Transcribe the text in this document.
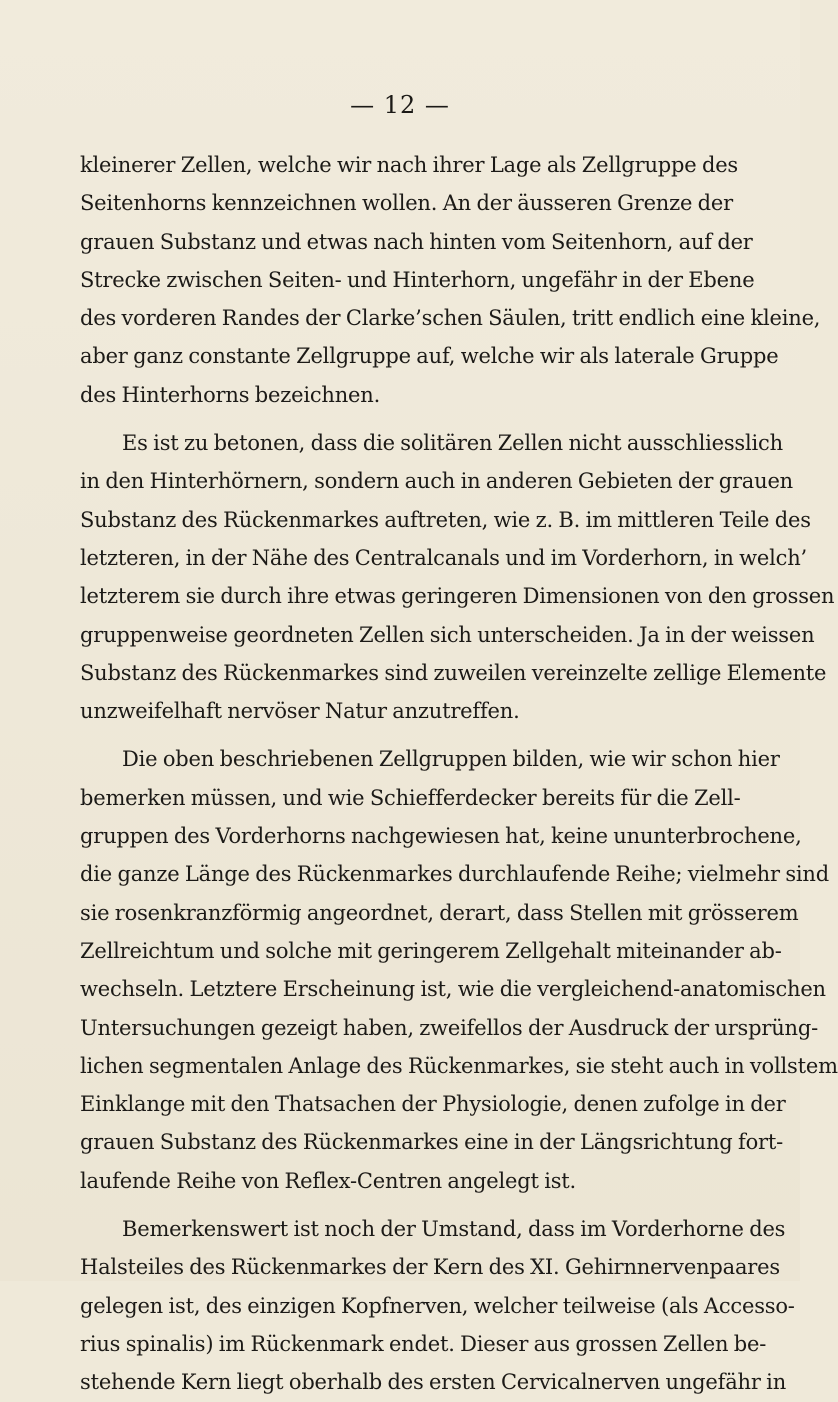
— 12 —
kleinerer Zellen, welche wir nach ihrer Lage als Zellgruppe des
Seitenhorns kennzeichnen wollen. An der äusseren Grenze der
grauen Substanz und etwas nach hinten vom Seitenhorn, auf der
Strecke zwischen Seiten- und Hinterhorn, ungefähr in der Ebene
des vorderen Randes der Clarke’schen Säulen, tritt endlich eine kleine,
aber ganz constante Zellgruppe auf, welche wir als laterale Gruppe
des Hinterhorns bezeichnen.
Es ist zu betonen, dass die solitären Zellen nicht ausschliesslich
in den Hinterhörnern, sondern auch in anderen Gebieten der grauen
Substanz des Rückenmarkes auftreten, wie z. B. im mittleren Teile des
letzteren, in der Nähe des Centralcanals und im Vorderhorn, in welch’
letzterem sie durch ihre etwas geringeren Dimensionen von den grossen
gruppenweise geordneten Zellen sich unterscheiden. Ja in der weissen
Substanz des Rückenmarkes sind zuweilen vereinzelte zellige Elemente
unzweifelhaft nervöser Natur anzutreffen.
Die oben beschriebenen Zellgruppen bilden, wie wir schon hier
bemerken müssen, und wie Schiefferdecker bereits für die Zell-
gruppen des Vorderhorns nachgewiesen hat, keine ununterbrochene,
die ganze Länge des Rückenmarkes durchlaufende Reihe; vielmehr sind
sie rosenkranzförmig angeordnet, derart, dass Stellen mit grösserem
Zellreichtum und solche mit geringerem Zellgehalt miteinander ab-
wechseln. Letztere Erscheinung ist, wie die vergleichend-anatomischen
Untersuchungen gezeigt haben, zweifellos der Ausdruck der ursprüng-
lichen segmentalen Anlage des Rückenmarkes, sie steht auch in vollstem
Einklange mit den Thatsachen der Physiologie, denen zufolge in der
grauen Substanz des Rückenmarkes eine in der Längsrichtung fort-
laufende Reihe von Reflex-Centren angelegt ist.
Bemerkenswert ist noch der Umstand, dass im Vorderhorne des
Halsteiles des Rückenmarkes der Kern des XI. Gehirnnervenpaares
gelegen ist, des einzigen Kopfnerven, welcher teilweise (als Accesso-
rius spinalis) im Rückenmark endet. Dieser aus grossen Zellen be-
stehende Kern liegt oberhalb des ersten Cervicalnerven ungefähr in
